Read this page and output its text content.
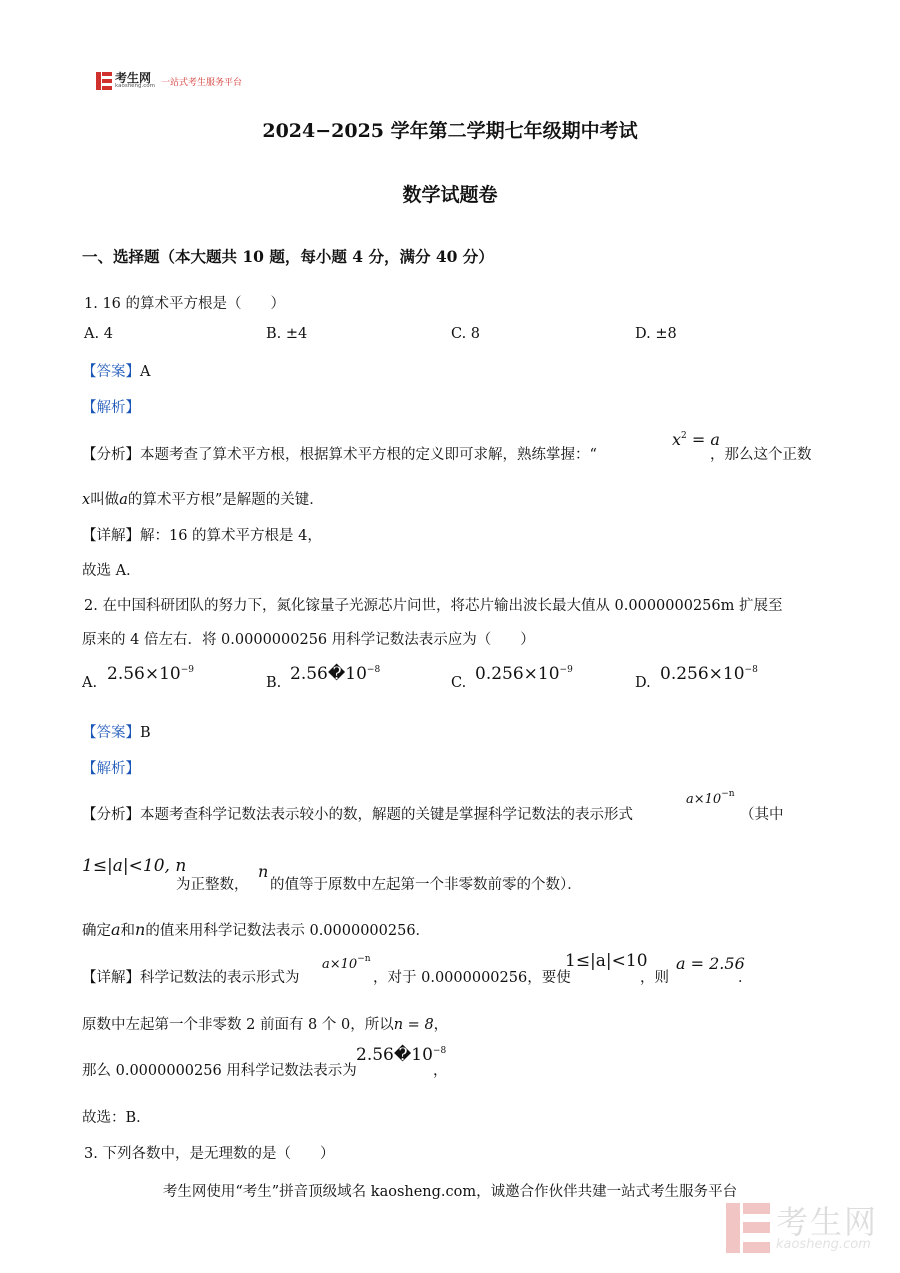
考生网
kaosheng.com 一站式考生服务平台
2024−2025 学年第二学期七年级期中考试
数学试题卷
一、选择题（本大题共 10 题，每小题 4 分，满分 40 分）
1. 16 的算术平方根是（　　）
A. 4	B. ±4	C. 8	D. ±8
【答案】A
【解析】
【分析】本题考查了算术平方根，根据算术平方根的定义即可求解，熟练掌握：“
$x^2 = a$
，那么这个正数
x叫做a的算术平方根”是解题的关键．
【详解】解：16 的算术平方根是 4，
故选 A．
2. 在中国科研团队的努力下，氮化镓量子光源芯片问世，将芯片输出波长最大值从 0.0000000256m 扩展至
原来的 4 倍左右．将 0.0000000256 用科学记数法表示应为（　　）
A. $2.56\times 10^{-9}$
B. $2.56�10^{-8}$
C. $0.256\times 10^{-9}$
D. $0.256\times 10^{-8}$
【答案】B
【解析】
【分析】本题考查科学记数法表示较小的数，解题的关键是掌握科学记数法的表示形式
$a\times 10^{-n}$
（其中
1≤|a|<10, n
为正整数，
n
的值等于原数中左起第一个非零数前零的个数）．
确定a和n的值来用科学记数法表示 0.0000000256．
【详解】科学记数法的表示形式为
$a\times 10^{-n}$
，对于 0.0000000256，要使
1≤|a|<10
，则
a = 2.56
．
原数中左起第一个非零数 2 前面有 8 个 0，所以n = 8，
那么 0.0000000256 用科学记数法表示为
$2.56�10^{-8}$
，
故选：B．
3. 下列各数中，是无理数的是（　　）
考生网使用“考生”拼音顶级域名 kaosheng.com，诚邀合作伙伴共建一站式考生服务平台
考生网
kaosheng.com
